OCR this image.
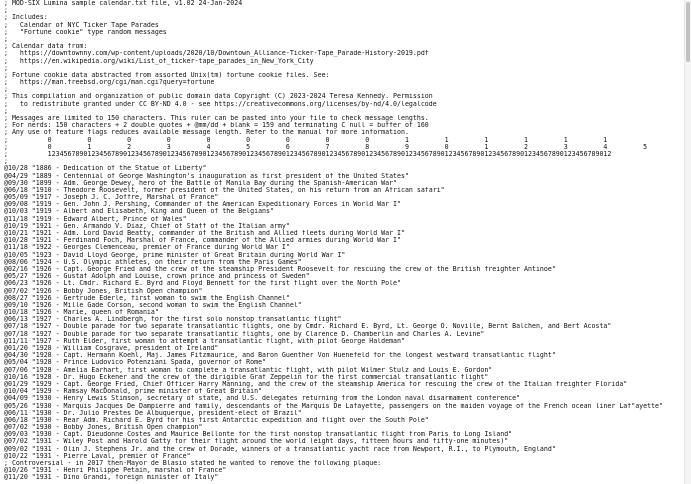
; MOD-SIX Lumina sample calendar.txt file, v1.02 24-Jan-2024
;
; Includes:
;   Calendar of NYC Ticker Tape Parades
;   "Fortune cookie" type random messages
;
; Calendar data from:
;   https://downtownny.com/wp-content/uploads/2020/10/Downtown_Alliance-Ticker-Tape_Parade-History-2019.pdf
;   https://en.wikipedia.org/wiki/List_of_ticker-tape_parades_in_New_York_City
;
; Fortune cookie data abstracted from assorted Unix(tm) fortune cookie files. See:
;   https://man.freebsd.org/cgi/man.cgi?query=fortune
;
; This compilation and organization of public domain data Copyright (C) 2023-2024 Teresa Kennedy. Permission
;   to redistribute granted under CC BY-ND 4.0 - see https://creativecommons.org/licenses/by-nd/4.0/legalcode
;
; Messages are limited to 150 characters. This ruler can be pasted into your file to check message lengths.
; For nerds: 150 characters + 2 double quotes + @mm/dd + blank = 159 and terminating C null = buffer of 160
; Any use of feature flags reduces available message length. Refer to the manual for more information.
;          0         0         0         0         0         0         0         0         0         1         1         1         1         1         1
;          0         1         2         3         4         5         6         7         8         9         0         1         2         3         4         5
;          1234567890123456789012345678901234567890123456789012345678901234567890123456789012345678901234567890123456789012345678901234567890123456789012
;
@10/28 "1886 - Dedication of the Statue of Liberty"
@04/29 "1889 - Centennial of George Washington's inauguration as first president of the United States"
@09/30 "1899 - Adm. George Dewey, hero of the Battle of Manila Bay during the Spanish-American War"
@06/18 "1910 - Theodore Roosevelt, former president of the United States, on his return from an African safari"
@05/09 "1917 - Joseph J. C. Joffre, Marshal of France"
@09/08 "1919 - Gen. John J. Pershing, Commander of the American Expeditionary Forces in World War I"
@10/03 "1919 - Albert and Elisabeth, King and Queen of the Belgians"
@11/18 "1919 - Edward Albert, Prince of Wales"
@10/19 "1921 - Gen. Armando V. Diaz, Chief of Staff of the Italian army"
@10/21 "1921 - Adm. Lord David Beatty, commander of the British and Allied fleets during World War I"
@10/28 "1921 - Ferdinand Foch, Marshal of France, commander of the Allied armies during World War I"
@11/18 "1922 - Georges Clemenceau, premier of France during World War I"
@10/05 "1923 - David Lloyd George, prime minister of Great Britain during World War I"
@08/06 "1924 - U.S. Olympic athletes, on their return from the Paris Games"
@02/16 "1926 - Capt. George Fried and the crew of the steamship President Roosevelt for rescuing the crew of the British freighter Antinoe"
@05/27 "1926 - Gustaf Adolph and Louise, crown prince and princess of Sweden"
@06/23 "1926 - Lt. Cmdr. Richard E. Byrd and Floyd Bennett for the first flight over the North Pole"
@07/02 "1926 - Bobby Jones, British Open champion"
@08/27 "1926 - Gertrude Ederle, first woman to swim the English Channel"
@09/10 "1926 - Mille Gade Corson, second woman to swim the English Channel"
@10/18 "1926 - Marie, queen of Romania"
@06/13 "1927 - Charles A. Lindbergh, for the first solo nonstop transatlantic flight"
@07/18 "1927 - Double parade for two separate transatlantic flights, one by Cmdr. Richard E. Byrd, Lt. George O. Noville, Bernt Balchen, and Bert Acosta"
@07/18 "1927 - Double parade for two separate transatlantic flights, one by Clarence D. Chamberlin and Charles A. Levine"
@11/11 "1927 - Ruth Elder, first woman to attempt a transatlantic flight, with pilot George Haldeman"
@01/20 "1928 - William Cosgrave, president of Ireland"
@04/30 "1928 - Capt. Hermann Koehl, Maj. James Fitzmaurice, and Baron Guenther Von Huenefeld for the longest westward transatlantic flight"
@05/04 "1928 - Prince Ludovico Potenziani Spada, governor of Rome"
@07/06 "1928 - Amelia Earhart, first woman to complete a transatlantic flight, with pilot Wilmer Stulz and Louis E. Gordon"
@10/16 "1928 - Dr. Hugo Eckener and the crew of the dirigible Graf Zeppelin for the first commercial transatlantic flight"
@01/29 "1929 - Capt. George Fried, Chief Officer Harry Manning, and the crew of the steamship America for rescuing the crew of the Italian freighter Florida"
@10/04 "1929 - Ramsay MacDonald, prime minister of Great Britain"
@04/09 "1930 - Henry Lewis Stimson, secretary of state, and U.S. delegates returning from the London naval disarmament conference"
@05/26 "1930 - Marquis Jacques De Dampierre and family, descendants of the Marquis De Lafayette, passengers on the maiden voyage of the French ocean liner Laf"ayette"
@06/11 "1930 - Dr. Julio Prestes De Albuquerque, president-elect of Brazil"
@06/18 "1930 - Rear Adm. Richard E. Byrd for his first Antarctic expedition and flight over the South Pole"
@07/02 "1930 - Bobby Jones, British Open champion"
@09/03 "1930 - Capt. Dieudonne Costes and Maurice Bellonte for the first nonstop transatlantic flight from Paris to Long Island"
@07/02 "1931 - Wiley Post and Harold Gatty for their flight around the world (eight days, fifteen hours and fifty-one minutes)"
@09/02 "1931 - Olin J. Stephens Jr. and the crew of Dorade, winners of a transatlantic yacht race from Newport, R.I., to Plymouth, England"
@10/22 "1931 - Pierre Laval, premier of France"
; Controversial - in 2017 then-Mayor de Blasio stated he wanted to remove the following plaque:
@10/26 "1931 - Henri Philippe Petain, marshal of France"
@11/20 "1931 - Dino Grandi, foreign minister of Italy"
